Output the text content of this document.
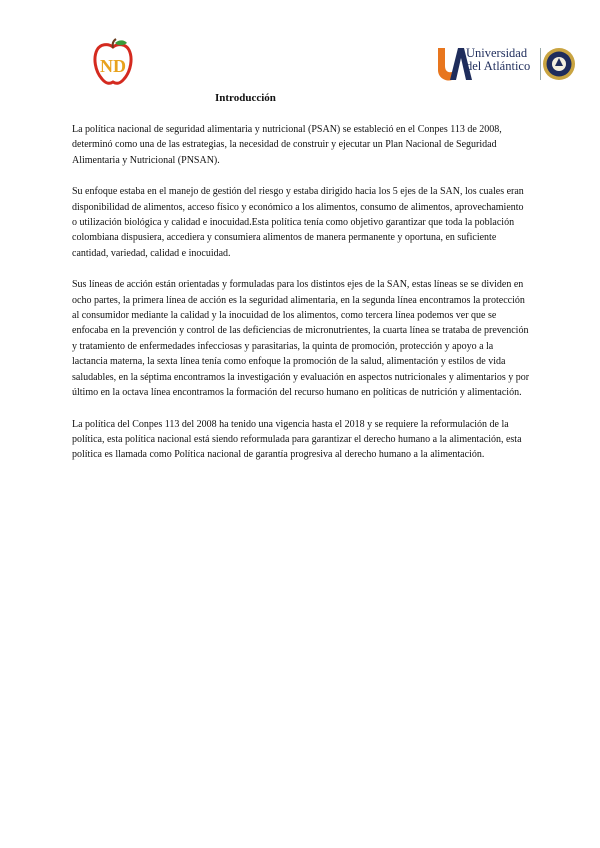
ND
Universidad
del Atlántico
Introducción

La política nacional de seguridad alimentaria y nutricional (PSAN) se estableció en el Conpes 113 de 2008, determinó como una de las estrategias, la necesidad de construir y ejecutar un Plan Nacional de Seguridad Alimentaria y Nutricional (PNSAN).

Su enfoque estaba en el manejo de gestión del riesgo y estaba dirigido hacia los 5 ejes de la SAN, los cuales eran disponibilidad de alimentos, acceso físico y económico a los alimentos, consumo de alimentos, aprovechamiento o utilización biológica y calidad e inocuidad.Esta política tenía como objetivo garantizar que toda la población colombiana dispusiera, accediera y consumiera alimentos de manera permanente y oportuna, en suficiente cantidad, variedad, calidad e inocuidad.

Sus líneas de acción están orientadas y formuladas para los distintos ejes de la SAN, estas líneas se se dividen en ocho partes, la primera línea de acción es la seguridad alimentaria, en la segunda línea encontramos la protección al consumidor mediante la calidad y la inocuidad de los alimentos, como tercera línea podemos ver que se enfocaba en la prevención y control de las deficiencias de micronutrientes, la cuarta línea se trataba de prevención y tratamiento de enfermedades infecciosas y parasitarias, la quinta de promoción, protección y apoyo a la lactancia materna, la sexta línea tenía como enfoque la promoción de la salud, alimentación y estilos de vida saludables, en la séptima encontramos la investigación y evaluación en aspectos nutricionales y alimentarios y por último en la octava línea encontramos la formación del recurso humano en políticas de nutrición y alimentación.

La política del Conpes 113 del 2008 ha tenido una vigencia hasta el 2018 y se requiere la reformulación de la política, esta política nacional está siendo reformulada para garantizar el derecho humano a la alimentación, esta política es llamada como Política nacional de garantía progresiva al derecho humano a la alimentación.
